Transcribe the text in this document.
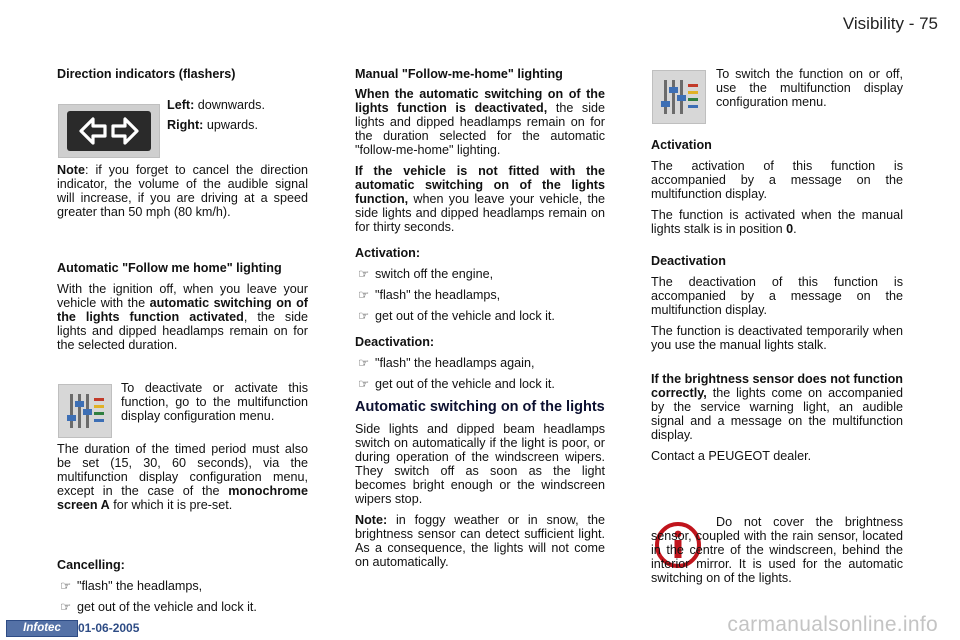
Visibility - 75

Direction indicators (flashers)

Left: downwards.

Right: upwards.

Note: if you forget to cancel the direction indicator, the volume of the audible signal will increase, if you are driving at a speed greater than 50 mph (80 km/h).

Automatic "Follow me home" lighting

With the ignition off, when you leave your vehicle with the automatic switching on of the lights function activated, the side lights and dipped headlamps remain on for the selected duration.

To deactivate or activate this function, go to the multifunction display configuration menu.

The duration of the timed period must also be set (15, 30, 60 seconds), via the multifunction display configuration menu, except in the case of the monochrome screen A for which it is pre-set.

Cancelling:

☞ "flash" the headlamps,
☞ get out of the vehicle and lock it.

Manual "Follow-me-home" lighting

When the automatic switching on of the lights function is deactivated, the side lights and dipped headlamps remain on for the duration selected for the automatic "follow-me-home" lighting.

If the vehicle is not fitted with the automatic switching on of the lights function, when you leave your vehicle, the side lights and dipped headlamps remain on for thirty seconds.

Activation:

☞ switch off the engine,
☞ "flash" the headlamps,
☞ get out of the vehicle and lock it.

Deactivation:

☞ "flash" the headlamps again,
☞ get out of the vehicle and lock it.

Automatic switching on of the lights

Side lights and dipped beam headlamps switch on automatically if the light is poor, or during operation of the windscreen wipers. They switch off as soon as the light becomes bright enough or the windscreen wipers stop.

Note: in foggy weather or in snow, the brightness sensor can detect sufficient light. As a consequence, the lights will not come on automatically.

To switch the function on or off, use the multifunction display configuration menu.

Activation

The activation of this function is accompanied by a message on the multifunction display.

The function is activated when the manual lights stalk is in position 0.

Deactivation

The deactivation of this function is accompanied by a message on the multifunction display.

The function is deactivated temporarily when you use the manual lights stalk.

If the brightness sensor does not function correctly, the lights come on accompanied by the service warning light, an audible signal and a message on the multifunction display.

Contact a PEUGEOT dealer.

Do not cover the brightness sensor, coupled with the rain sensor, located in the centre of the windscreen, behind the interior mirror. It is used for the automatic switching on of the lights.

Infotec	01-06-2005	carmanualsonline.info
